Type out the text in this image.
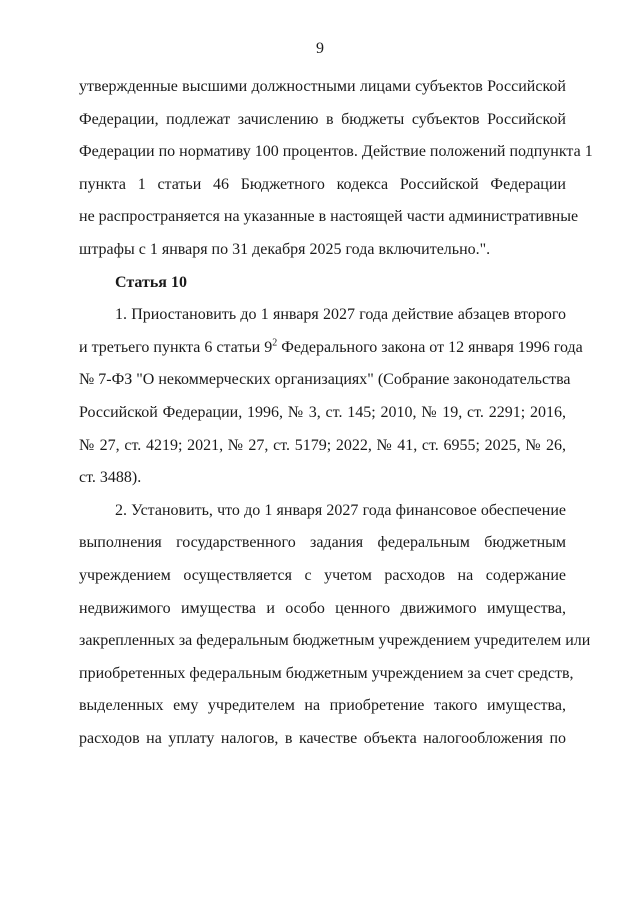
9
утвержденные высшими должностными лицами субъектов Российской
Федерации, подлежат зачислению в бюджеты субъектов Российской
Федерации по нормативу 100 процентов. Действие положений подпункта 1
пункта 1 статьи 46 Бюджетного кодекса Российской Федерации
не распространяется на указанные в настоящей части административные
штрафы с 1 января по 31 декабря 2025 года включительно.".
Статья 10
1. Приостановить до 1 января 2027 года действие абзацев второго
и третьего пункта 6 статьи $9^2$ Федерального закона от 12 января 1996 года
№ 7-ФЗ "О некоммерческих организациях" (Собрание законодательства
Российской Федерации, 1996, № 3, ст. 145; 2010, № 19, ст. 2291; 2016,
№ 27, ст. 4219; 2021, № 27, ст. 5179; 2022, № 41, ст. 6955; 2025, № 26,
ст. 3488).
2. Установить, что до 1 января 2027 года финансовое обеспечение
выполнения государственного задания федеральным бюджетным
учреждением осуществляется с учетом расходов на содержание
недвижимого имущества и особо ценного движимого имущества,
закрепленных за федеральным бюджетным учреждением учредителем или
приобретенных федеральным бюджетным учреждением за счет средств,
выделенных ему учредителем на приобретение такого имущества,
расходов на уплату налогов, в качестве объекта налогообложения по
